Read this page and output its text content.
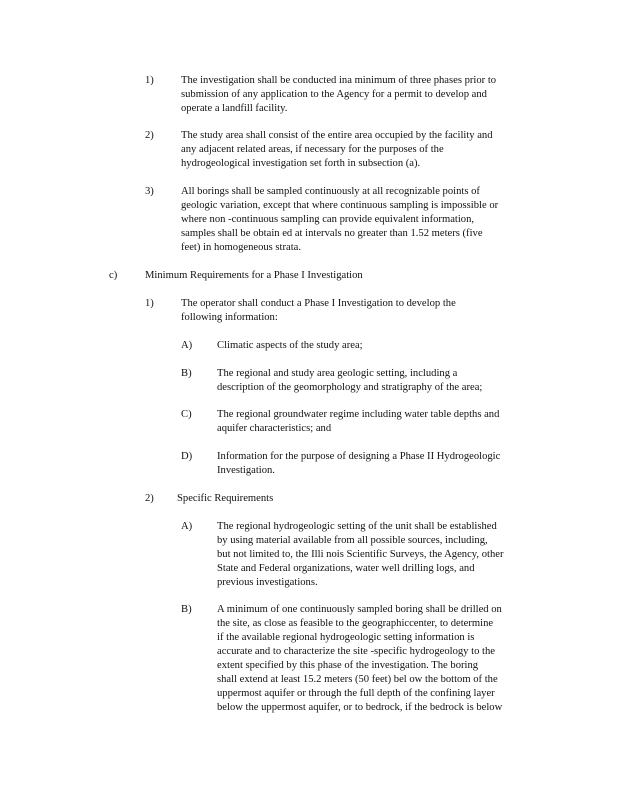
1)	The investigation shall be conducted ina minimum of three phases prior to
submission of any application to the Agency for a permit to develop and
operate a landfill facility.
2)	The study area shall consist of the entire area occupied by the facility and
any adjacent related areas, if necessary for the purposes of the
hydrogeological investigation set forth in subsection (a).
3)	All borings shall be sampled continuously at all recognizable points of
geologic variation, except that where continuous sampling is impossible or
where non -continuous sampling can provide equivalent information,
samples shall be obtain ed at intervals no greater than 1.52 meters (five
feet) in homogeneous strata.
c)	Minimum Requirements for a Phase I Investigation
1)	The operator shall conduct a Phase I Investigation to develop the
following information:
A) Climatic aspects of the study area;
B) The regional and study area geologic setting, including a
description of the geomorphology and stratigraphy of the area;
C) The regional groundwater regime including water table depths and
aquifer characteristics; and
D) Information for the purpose of designing a Phase II Hydrogeologic
Investigation.
2) Specific Requirements
A) The regional hydrogeologic setting of the unit shall be established
by using material available from all possible sources, including,
but not limited to, the Illi nois Scientific Surveys, the Agency, other
State and Federal organizations, water well drilling logs, and
previous investigations.
B) A minimum of one continuously sampled boring shall be drilled on
the site, as close as feasible to the geographiccenter, to determine
if the available regional hydrogeologic setting information is
accurate and to characterize the site -specific hydrogeology to the
extent specified by this phase of the investigation. The boring
shall extend at least 15.2 meters (50 feet) bel ow the bottom of the
uppermost aquifer or through the full depth of the confining layer
below the uppermost aquifer, or to bedrock, if the bedrock is below
